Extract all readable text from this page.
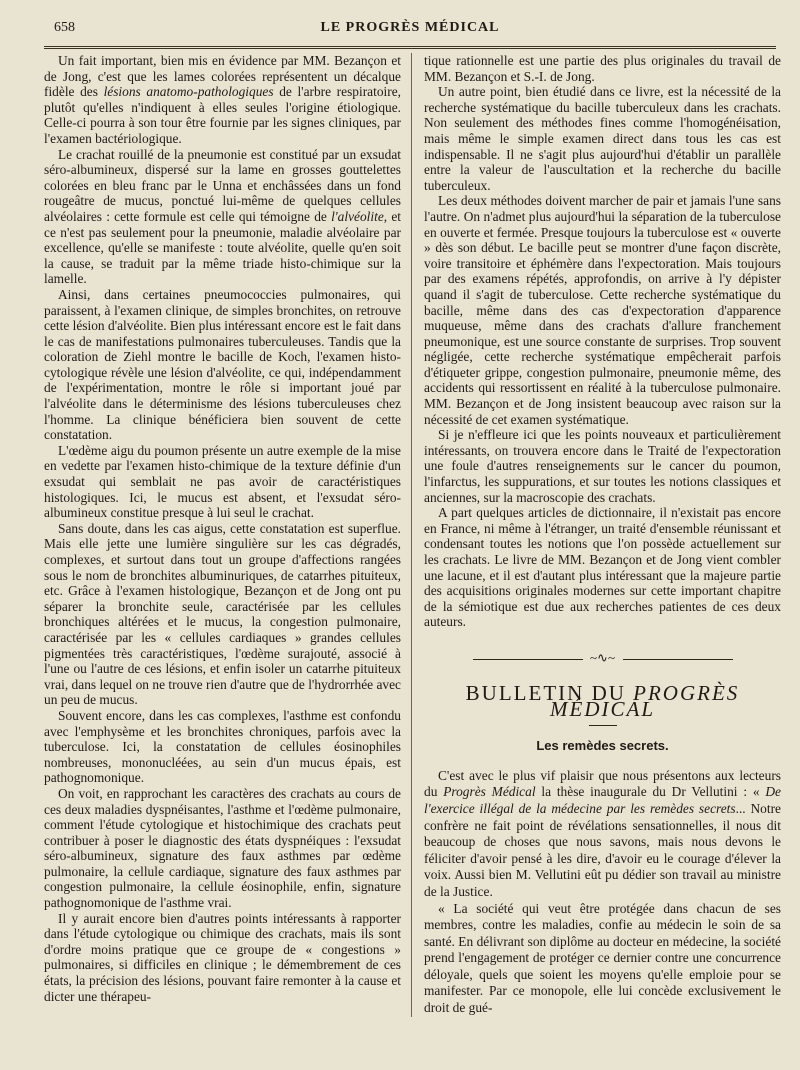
658	LE PROGRÈS MÉDICAL

Un fait important, bien mis en évidence par MM. Bezançon et de Jong, c'est que les lames colorées représentent un décalque fidèle des lésions anatomo-pathologiques de l'arbre respiratoire, plutôt qu'elles n'indiquent à elles seules l'origine étiologique. Celle-ci pourra à son tour être fournie par les signes cliniques, par l'examen bactériologique.

Le crachat rouillé de la pneumonie est constitué par un exsudat séro-albumineux, dispersé sur la lame en grosses gouttelettes colorées en bleu franc par le Unna et enchâssées dans un fond rougeâtre de mucus, ponctué lui-même de quelques cellules alvéolaires : cette formule est celle qui témoigne de l'alvéolite, et ce n'est pas seulement pour la pneumonie, maladie alvéolaire par excellence, qu'elle se manifeste : toute alvéolite, quelle qu'en soit la cause, se traduit par la même triade histo-chimique sur la lamelle.

Ainsi, dans certaines pneumococcies pulmonaires, qui paraissent, à l'examen clinique, de simples bronchites, on retrouve cette lésion d'alvéolite. Bien plus intéressant encore est le fait dans le cas de manifestations pulmonaires tuberculeuses. Tandis que la coloration de Ziehl montre le bacille de Koch, l'examen histo-cytologique révèle une lésion d'alvéolite, ce qui, indépendamment de l'expérimentation, montre le rôle si important joué par l'alvéolite dans le déterminisme des lésions tuberculeuses chez l'homme. La clinique bénéficiera bien souvent de cette constatation.

L'œdème aigu du poumon présente un autre exemple de la mise en vedette par l'examen histo-chimique de la texture définie d'un exsudat qui semblait ne pas avoir de caractéristiques histologiques. Ici, le mucus est absent, et l'exsudat séro-albumineux constitue presque à lui seul le crachat.

Sans doute, dans les cas aigus, cette constatation est superflue. Mais elle jette une lumière singulière sur les cas dégradés, complexes, et surtout dans tout un groupe d'affections rangées sous le nom de bronchites albuminuriques, de catarrhes pituiteux, etc. Grâce à l'examen histologique, Bezançon et de Jong ont pu séparer la bronchite seule, caractérisée par les cellules bronchiques altérées et le mucus, la congestion pulmonaire, caractérisée par les « cellules cardiaques » grandes cellules pigmentées très caractéristiques, l'œdème surajouté, associé à l'une ou l'autre de ces lésions, et enfin isoler un catarrhe pituiteux vrai, dans lequel on ne trouve rien d'autre que de l'hydrorrhée avec un peu de mucus.

Souvent encore, dans les cas complexes, l'asthme est confondu avec l'emphysème et les bronchites chroniques, parfois avec la tuberculose. Ici, la constatation de cellules éosinophiles nombreuses, mononucléées, au sein d'un mucus épais, est pathognomonique.

On voit, en rapprochant les caractères des crachats au cours de ces deux maladies dyspnéisantes, l'asthme et l'œdème pulmonaire, comment l'étude cytologique et histochimique des crachats peut contribuer à poser le diagnostic des états dyspnéiques : l'exsudat séro-albumineux, signature des faux asthmes par œdème pulmonaire, la cellule cardiaque, signature des faux asthmes par congestion pulmonaire, la cellule éosinophile, enfin, signature pathognomonique de l'asthme vrai.

Il y aurait encore bien d'autres points intéressants à rapporter dans l'étude cytologique ou chimique des crachats, mais ils sont d'ordre moins pratique que ce groupe de « congestions » pulmonaires, si difficiles en clinique ; le démembrement de ces états, la précision des lésions, pouvant faire remonter à la cause et dicter une thérapeu-

tique rationnelle est une partie des plus originales du travail de MM. Bezançon et S.-I. de Jong.

Un autre point, bien étudié dans ce livre, est la nécessité de la recherche systématique du bacille tuberculeux dans les crachats. Non seulement des méthodes fines comme l'homogénéisation, mais même le simple examen direct dans tous les cas est indispensable. Il ne s'agit plus aujourd'hui d'établir un parallèle entre la valeur de l'auscultation et la recherche du bacille tuberculeux.

Les deux méthodes doivent marcher de pair et jamais l'une sans l'autre. On n'admet plus aujourd'hui la séparation de la tuberculose en ouverte et fermée. Presque toujours la tuberculose est « ouverte » dès son début. Le bacille peut se montrer d'une façon discrète, voire transitoire et éphémère dans l'expectoration. Mais toujours par des examens répétés, approfondis, on arrive à l'y dépister quand il s'agit de tuberculose. Cette recherche systématique du bacille, même dans des cas d'expectoration d'apparence muqueuse, même dans des crachats d'allure franchement pneumonique, est une source constante de surprises. Trop souvent négligée, cette recherche systématique empêcherait parfois d'étiqueter grippe, congestion pulmonaire, pneumonie même, des accidents qui ressortissent en réalité à la tuberculose pulmonaire. MM. Bezançon et de Jong insistent beaucoup avec raison sur la nécessité de cet examen systématique.

Si je n'effleure ici que les points nouveaux et particulièrement intéressants, on trouvera encore dans le Traité de l'expectoration une foule d'autres renseignements sur le cancer du poumon, l'infarctus, les suppurations, et sur toutes les notions classiques et anciennes, sur la macroscopie des crachats.

A part quelques articles de dictionnaire, il n'existait pas encore en France, ni même à l'étranger, un traité d'ensemble réunissant et condensant toutes les notions que l'on possède actuellement sur les crachats. Le livre de MM. Bezançon et de Jong vient combler une lacune, et il est d'autant plus intéressant que la majeure partie des acquisitions originales modernes sur cette important chapitre de la sémiotique est due aux recherches patientes de ces deux auteurs.

~∿~
BULLETIN DU PROGRÈS MÉDICAL
Les remèdes secrets.

C'est avec le plus vif plaisir que nous présentons aux lecteurs du Progrès Médical la thèse inaugurale du Dr Vellutini : « De l'exercice illégal de la médecine par les remèdes secrets... Notre confrère ne fait point de révélations sensationnelles, il nous dit beaucoup de choses que nous savons, mais nous devons le féliciter d'avoir pensé à les dire, d'avoir eu le courage d'élever la voix. Aussi bien M. Vellutini eût pu dédier son travail au ministre de la Justice.

« La société qui veut être protégée dans chacun de ses membres, contre les maladies, confie au médecin le soin de sa santé. En délivrant son diplôme au docteur en médecine, la société prend l'engagement de protéger ce dernier contre une concurrence déloyale, quels que soient les moyens qu'elle emploie pour se manifester. Par ce monopole, elle lui concède exclusivement le droit de gué-
